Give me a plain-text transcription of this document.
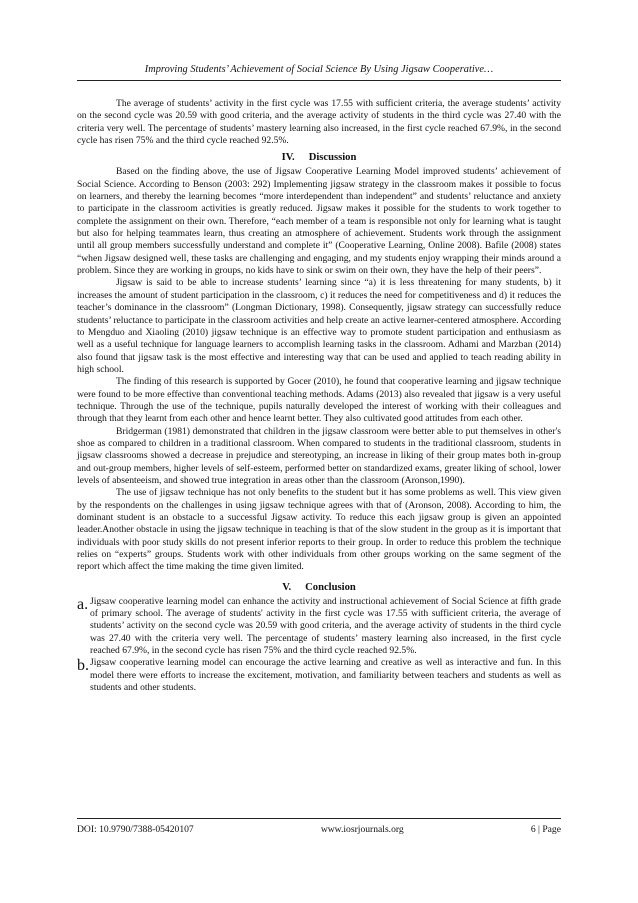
Improving Students’ Achievement of Social Science By Using Jigsaw Cooperative…

The average of students’ activity in the first cycle was 17.55 with sufficient criteria, the average students’ activity on the second cycle was 20.59 with good criteria, and the average activity of students in the third cycle was 27.40 with the criteria very well. The percentage of students’ mastery learning also increased, in the first cycle reached 67.9%, in the second cycle has risen 75% and the third cycle reached 92.5%.

IV. Discussion

Based on the finding above, the use of Jigsaw Cooperative Learning Model improved students’ achievement of Social Science. According to Benson (2003: 292) Implementing jigsaw strategy in the classroom makes it possible to focus on learners, and thereby the learning becomes “more interdependent than independent” and students’ reluctance and anxiety to participate in the classroom activities is greatly reduced. Jigsaw makes it possible for the students to work together to complete the assignment on their own. Therefore, “each member of a team is responsible not only for learning what is taught but also for helping teammates learn, thus creating an atmosphere of achievement. Students work through the assignment until all group members successfully understand and complete it” (Cooperative Learning, Online 2008). Bafile (2008) states “when Jigsaw designed well, these tasks are challenging and engaging, and my students enjoy wrapping their minds around a problem. Since they are working in groups, no kids have to sink or swim on their own, they have the help of their peers”.

Jigsaw is said to be able to increase students’ learning since “a) it is less threatening for many students, b) it increases the amount of student participation in the classroom, c) it reduces the need for competitiveness and d) it reduces the teacher’s dominance in the classroom” (Longman Dictionary, 1998). Consequently, jigsaw strategy can successfully reduce students’ reluctance to participate in the classroom activities and help create an active learner-centered atmosphere. According to Mengduo and Xiaoling (2010) jigsaw technique is an effective way to promote student participation and enthusiasm as well as a useful technique for language learners to accomplish learning tasks in the classroom. Adhami and Marzban (2014) also found that jigsaw task is the most effective and interesting way that can be used and applied to teach reading ability in high school.

The finding of this research is supported by Gocer (2010), he found that cooperative learning and jigsaw technique were found to be more effective than conventional teaching methods. Adams (2013) also revealed that jigsaw is a very useful technique. Through the use of the technique, pupils naturally developed the interest of working with their colleagues and through that they learnt from each other and hence learnt better. They also cultivated good attitudes from each other.

Bridgerman (1981) demonstrated that children in the jigsaw classroom were better able to put themselves in other's shoe as compared to children in a traditional classroom. When compared to students in the traditional classroom, students in jigsaw classrooms showed a decrease in prejudice and stereotyping, an increase in liking of their group mates both in-group and out-group members, higher levels of self-esteem, performed better on standardized exams, greater liking of school, lower levels of absenteeism, and showed true integration in areas other than the classroom (Aronson,1990).

The use of jigsaw technique has not only benefits to the student but it has some problems as well. This view given by the respondents on the challenges in using jigsaw technique agrees with that of (Aronson, 2008). According to him, the dominant student is an obstacle to a successful Jigsaw activity. To reduce this each jigsaw group is given an appointed leader.Another obstacle in using the jigsaw technique in teaching is that of the slow student in the group as it is important that individuals with poor study skills do not present inferior reports to their group. In order to reduce this problem the technique relies on “experts” groups. Students work with other individuals from other groups working on the same segment of the report which affect the time making the time given limited.

V. Conclusion
a. Jigsaw cooperative learning model can enhance the activity and instructional achievement of Social Science at fifth grade of primary school. The average of students' activity in the first cycle was 17.55 with sufficient criteria, the average of students’ activity on the second cycle was 20.59 with good criteria, and the average activity of students in the third cycle was 27.40 with the criteria very well. The percentage of students’ mastery learning also increased, in the first cycle reached 67.9%, in the second cycle has risen 75% and the third cycle reached 92.5%.

b. Jigsaw cooperative learning model can encourage the active learning and creative as well as interactive and fun. In this model there were efforts to increase the excitement, motivation, and familiarity between teachers and students as well as students and other students.

DOI: 10.9790/7388-05420107	www.iosrjournals.org	6 | Page
